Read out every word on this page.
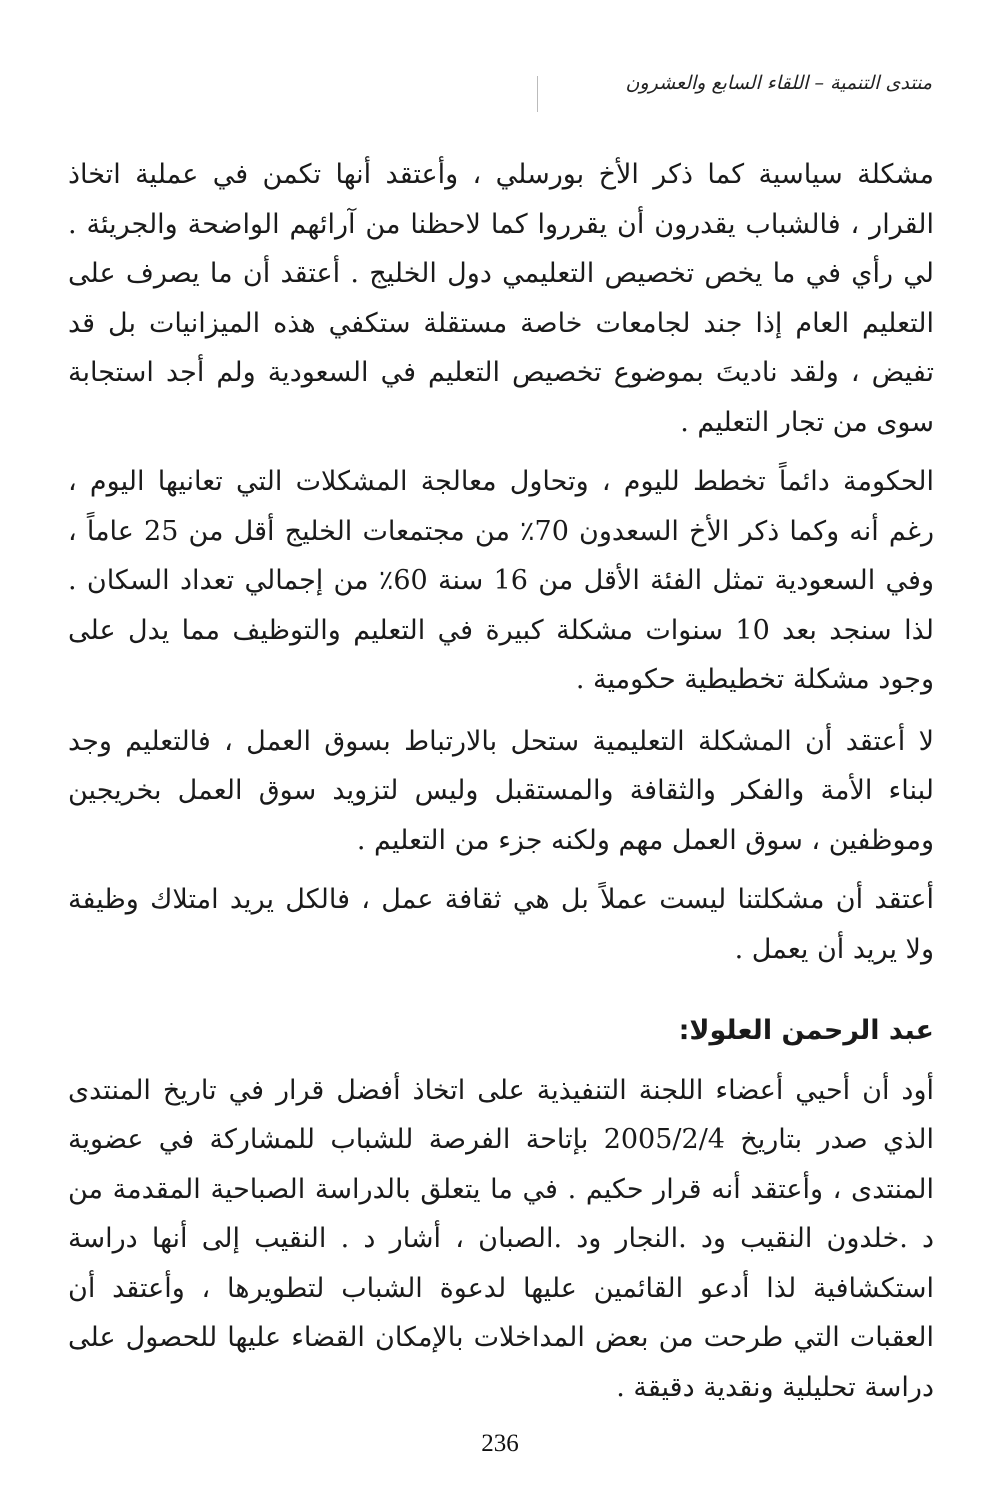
منتدى التنمية – اللقاء السابع والعشرون

مشكلة سياسية كما ذكر الأخ بورسلي ، وأعتقد أنها تكمن في عملية اتخاذ القرار ، فالشباب يقدرون أن يقرروا كما لاحظنا من آرائهم الواضحة والجريئة . لي رأي في ما يخص تخصيص التعليمي دول الخليج . أعتقد أن ما يصرف على التعليم العام إذا جند لجامعات خاصة مستقلة ستكفي هذه الميزانيات بل قد تفيض ، ولقد ناديتَ بموضوع تخصيص التعليم في السعودية ولم أجد استجابة سوى من تجار التعليم .

الحكومة دائماً تخطط لليوم ، وتحاول معالجة المشكلات التي تعانيها اليوم ، رغم أنه وكما ذكر الأخ السعدون 70٪ من مجتمعات الخليج أقل من 25 عاماً ، وفي السعودية تمثل الفئة الأقل من 16 سنة 60٪ من إجمالي تعداد السكان . لذا سنجد بعد 10 سنوات مشكلة كبيرة في التعليم والتوظيف مما يدل على وجود مشكلة تخطيطية حكومية .

لا أعتقد أن المشكلة التعليمية ستحل بالارتباط بسوق العمل ، فالتعليم وجد لبناء الأمة والفكر والثقافة والمستقبل وليس لتزويد سوق العمل بخريجين وموظفين ، سوق العمل مهم ولكنه جزء من التعليم .

أعتقد أن مشكلتنا ليست عملاً بل هي ثقافة عمل ، فالكل يريد امتلاك وظيفة ولا يريد أن يعمل .

عبد الرحمن العلولا:

أود أن أحيي أعضاء اللجنة التنفيذية على اتخاذ أفضل قرار في تاريخ المنتدى الذي صدر بتاريخ 2005/2/4 بإتاحة الفرصة للشباب للمشاركة في عضوية المنتدى ، وأعتقد أنه قرار حكيم . في ما يتعلق بالدراسة الصباحية المقدمة من د .خلدون النقيب ود .النجار ود .الصبان ، أشار د . النقيب إلى أنها دراسة استكشافية لذا أدعو القائمين عليها لدعوة الشباب لتطويرها ، وأعتقد أن العقبات التي طرحت من بعض المداخلات بالإمكان القضاء عليها للحصول على دراسة تحليلية ونقدية دقيقة .

236
